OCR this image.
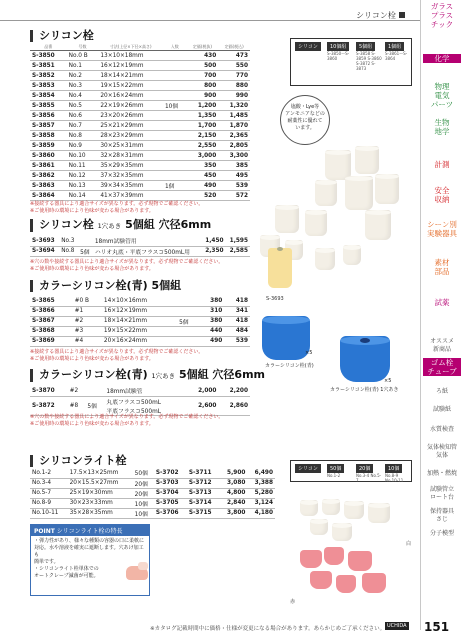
シリコン栓
ガラス
プラス
チック
化学
物理
電気
パーツ
生物
地学
計測
安全
収納
シーン別
実験器具
素材
部品
試薬
オススメ
新商品
ゴム栓
チューブ
ろ紙
試験紙
水質検査
気体検知管
気体
加熱・燃焼
試験管立
ロート台
保持器具
さじ
分子模型
シリコン栓
品番	号数	寸法(上径×下径×高さ)	入数	定価(税抜)	定価(税込)
S-3850	No.0 B	13×10×18mm		430	473
S-3851	No.1	16×12×19mm		500	550
S-3852	No.2	18×14×21mm		700	770
S-3853	No.3	19×15×22mm		800	880
S-3854	No.4	20×16×24mm		900	990
S-3855	No.5	22×19×26mm	10個	1,200	1,320
S-3856	No.6	23×20×26mm		1,350	1,485
S-3857	No.7	25×21×29mm		1,700	1,870
S-3858	No.8	28×23×29mm		2,150	2,365
S-3859	No.9	30×25×31mm		2,550	2,805
S-3860	No.10	32×28×31mm		3,000	3,300
S-3861	No.11	35×29×35mm		350	385
S-3862	No.12	37×32×35mm		450	495
S-3863	No.13	39×34×35mm	1個	490	539
S-3864	No.14	41×37×39mm		520	572
※接続する器具により適合サイズが異なります。必ず現物でご確認ください。
※ご使用時の環境により色味が変わる場合があります。
シリコン栓 1穴あき 5個組 穴径6mm
S-3693	No.3		18mm試験管用	1,450	1,595
S-3694	No.8	5個	ハリオ丸底・平底フラスコ500mL用	2,350	2,585
※穴の数や接続する器具により適合サイズが異なります。必ず現物でご確認ください。
※ご使用時の環境により色味が変わる場合があります。
カラーシリコン栓(青) 5個組
S-3865	#0 B	14×10×16mm		380	418
S-3866	#1	16×12×19mm		310	341
S-3867	#2	18×14×21mm	5個	380	418
S-3868	#3	19×15×22mm		440	484
S-3869	#4	20×16×24mm		490	539
※接続する器具により適合サイズが異なります。必ず現物でご確認ください。
※ご使用時の環境により色味が変わる場合があります。
カラーシリコン栓(青) 1穴あき 5個組 穴径6mm
S-3870	#2		18mm試験管	2,000	2,200
S-3872	#8	5個	丸底フラスコ500mL
平底フラスコ500mL	2,600	2,860
※穴の数や接続する器具により適合サイズが異なります。必ず現物でご確認ください。
※ご使用時の環境により色味が変わる場合があります。
シリコンライト栓
No.1-2	17.5×13×25mm	50個	S-3702	S-3711	5,900	6,490
No.3-4	20×15.5×27mm	20個	S-3703	S-3712	3,080	3,388
No.5-7	25×19×30mm	20個	S-3704	S-3713	4,800	5,280
No.8-9	30×23×33mm	10個	S-3705	S-3714	2,840	3,124
No.10-11	35×28×35mm	10個	S-3706	S-3715	3,800	4,180
POINT シリコンライト栓の特長
・弾力性があり、様々な種類の容器の口に柔軟に
対応。水や溶液を確実に遮断します。穴あけ加工も
簡単です。
・シリコンライト栓単体での
オートクレーブ滅菌が可能。
シリコン	10個組
S-3850〜S-3860
5個組
S-3858 S-3859 S-3860 S-3872 S-3873
1個組
S-3861〜S-3864
塩酸・Lye​等
アンモニアなどの
耐薬性に優れて
います。
S-3693
×5
カラーシリコン栓(青)
×5
カラーシリコン栓(青) 1穴あき
シリコン	50個
No.1-2
20個
No.3-4 No.5-7
10個
No.8-9 No.10-11
白
赤
※カタログ記載時間中に価格・仕様が変更になる場合があります。あらかじめご了承ください。 UCHIDA 151
